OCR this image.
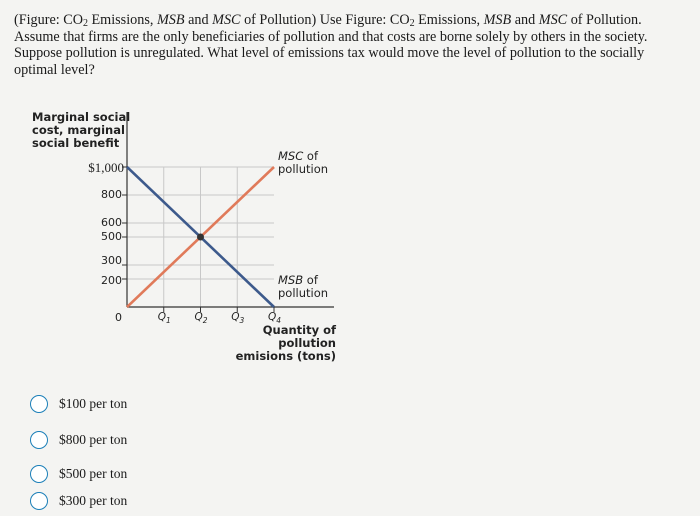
(Figure: $CO_2$ Emissions, MSB and MSC of Pollution) Use Figure: $CO_2$ Emissions, MSB and MSC of Pollution. Assume that firms are the only beneficiaries of pollution and that costs are borne solely by others in the society. Suppose pollution is unregulated. What level of emissions tax would move the level of pollution to the socially optimal level?
Marginal social
cost, marginal
social benefit
$1,000
800
600
500
300
200
0	$Q_1$ $Q_2$ $Q_3$ $Q_4$
MSC of
pollution
MSB of
pollution
Quantity of pollution
emisions (tons)
$100 per ton
$800 per ton
$500 per ton
$300 per ton
